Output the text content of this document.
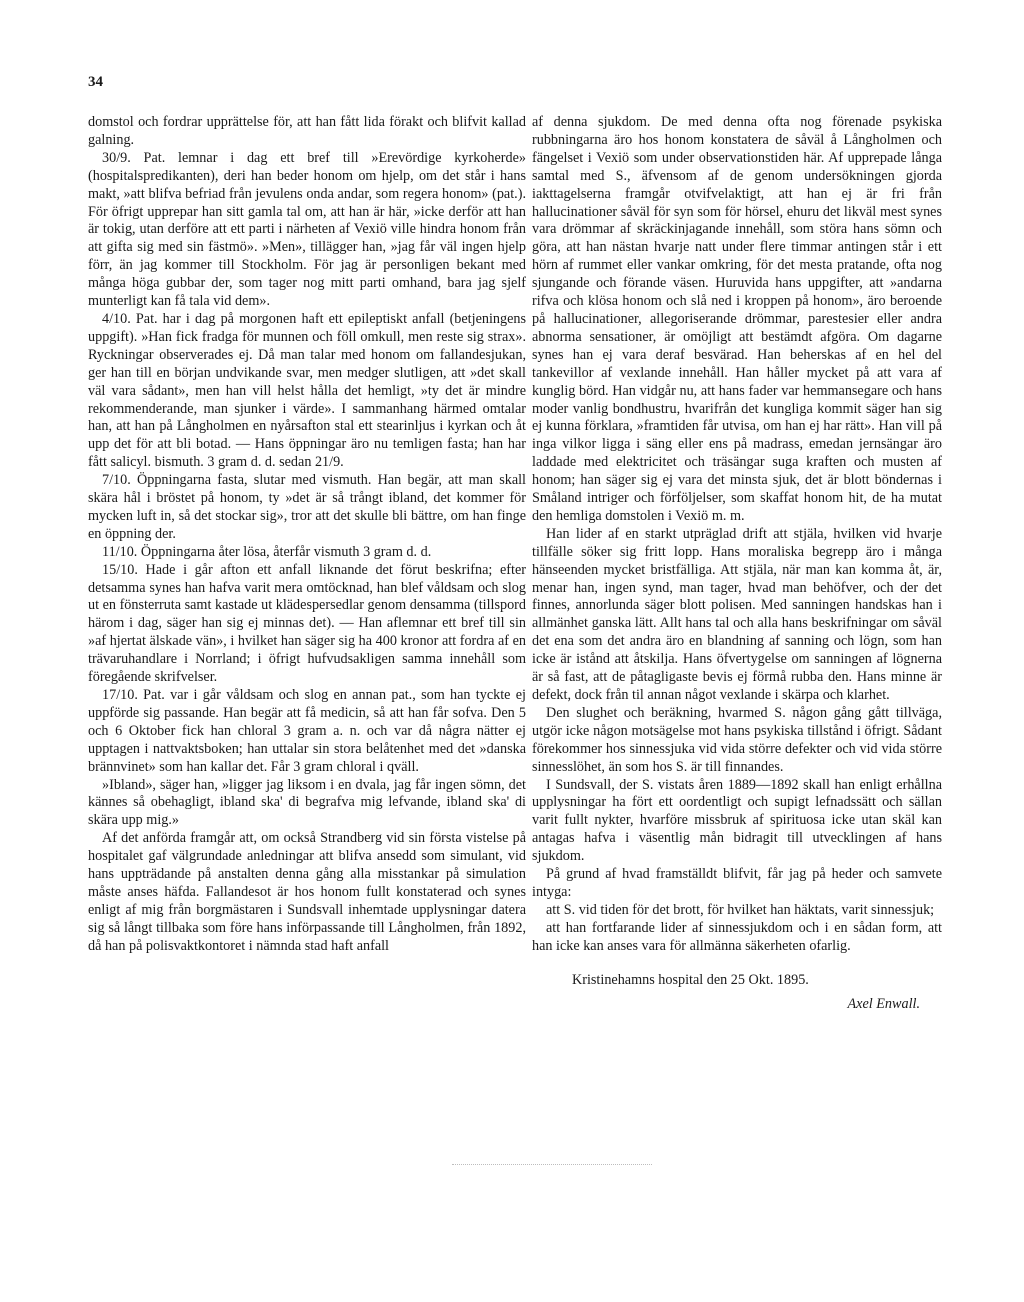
34

domstol och fordrar upprättelse för, att han fått lida förakt och blifvit kallad galning.

30/9. Pat. lemnar i dag ett bref till »Erevördige kyrkoherde» (hospitalspredikanten), deri han beder honom om hjelp, om det står i hans makt, »att blifva befriad från jevulens onda andar, som regera honom» (pat.). För öfrigt upprepar han sitt gamla tal om, att han är här, »icke derför att han är tokig, utan derföre att ett parti i närheten af Vexiö ville hindra honom från att gifta sig med sin fästmö». »Men», tillägger han, »jag får väl ingen hjelp förr, än jag kommer till Stockholm. För jag är personligen bekant med många höga gubbar der, som tager nog mitt parti omhand, bara jag sjelf munterligt kan få tala vid dem».

4/10. Pat. har i dag på morgonen haft ett epileptiskt anfall (betjeningens uppgift). »Han fick fradga för munnen och föll omkull, men reste sig strax». Ryckningar observerades ej. Då man talar med honom om fallandesjukan, ger han till en början undvikande svar, men medger slutligen, att »det skall väl vara sådant», men han vill helst hålla det hemligt, »ty det är mindre rekommenderande, man sjunker i värde». I sammanhang härmed omtalar han, att han på Långholmen en nyårsafton stal ett stearinljus i kyrkan och åt upp det för att bli botad. — Hans öppningar äro nu temligen fasta; han har fått salicyl. bismuth. 3 gram d. d. sedan 21/9.

7/10. Öppningarna fasta, slutar med vismuth. Han begär, att man skall skära hål i bröstet på honom, ty »det är så trångt ibland, det kommer för mycken luft in, så det stockar sig», tror att det skulle bli bättre, om han finge en öppning der.

11/10. Öppningarna åter lösa, återfår vismuth 3 gram d. d.

15/10. Hade i går afton ett anfall liknande det förut beskrifna; efter detsamma synes han hafva varit mera omtöcknad, han blef våldsam och slog ut en fönsterruta samt kastade ut klädespersedlar genom densamma (tillspord härom i dag, säger han sig ej minnas det). — Han aflemnar ett bref till sin »af hjertat älskade vän», i hvilket han säger sig ha 400 kronor att fordra af en trävaruhandlare i Norrland; i öfrigt hufvudsakligen samma innehåll som föregående skrifvelser.

17/10. Pat. var i går våldsam och slog en annan pat., som han tyckte ej uppförde sig passande. Han begär att få medicin, så att han får sofva. Den 5 och 6 Oktober fick han chloral 3 gram a. n. och var då några nätter ej upptagen i nattvaktsboken; han uttalar sin stora belåtenhet med det »danska brännvinet» som han kallar det. Får 3 gram chloral i qväll.

»Ibland», säger han, »ligger jag liksom i en dvala, jag får ingen sömn, det kännes så obehagligt, ibland ska' di begrafva mig lefvande, ibland ska' di skära upp mig.»

Af det anförda framgår att, om också Strandberg vid sin första vistelse på hospitalet gaf välgrundade anledningar att blifva ansedd som simulant, vid hans uppträdande på anstalten denna gång alla misstankar på simulation måste anses häfda. Fallandesot är hos honom fullt konstaterad och synes enligt af mig från borgmästaren i Sundsvall inhemtade upplysningar datera sig så långt tillbaka som före hans införpassande till Långholmen, från 1892, då han på polisvaktkontoret i nämnda stad haft anfall

af denna sjukdom. De med denna ofta nog förenade psykiska rubbningarna äro hos honom konstatera de såväl å Långholmen och fängelset i Vexiö som under observationstiden här. Af upprepade långa samtal med S., äfvensom af de genom undersökningen gjorda iakttagelserna framgår otvifvelaktigt, att han ej är fri från hallucinationer såväl för syn som för hörsel, ehuru det likväl mest synes vara drömmar af skräckinjagande innehåll, som störa hans sömn och göra, att han nästan hvarje natt under flere timmar antingen står i ett hörn af rummet eller vankar omkring, för det mesta pratande, ofta nog sjungande och förande väsen. Huruvida hans uppgifter, att »andarna rifva och klösa honom och slå ned i kroppen på honom», äro beroende på hallucinationer, allegoriserande drömmar, parestesier eller andra abnorma sensationer, är omöjligt att bestämdt afgöra. Om dagarne synes han ej vara deraf besvärad. Han beherskas af en hel del tankevillor af vexlande innehåll. Han håller mycket på att vara af kunglig börd. Han vidgår nu, att hans fader var hemmansegare och hans moder vanlig bondhustru, hvarifrån det kungliga kommit säger han sig ej kunna förklara, »framtiden får utvisa, om han ej har rätt». Han vill på inga vilkor ligga i säng eller ens på madrass, emedan jernsängar äro laddade med elektricitet och träsängar suga kraften och musten af honom; han säger sig ej vara det minsta sjuk, det är blott böndernas i Småland intriger och förföljelser, som skaffat honom hit, de ha mutat den hemliga domstolen i Vexiö m. m.

Han lider af en starkt utpräglad drift att stjäla, hvilken vid hvarje tillfälle söker sig fritt lopp. Hans moraliska begrepp äro i många hänseenden mycket bristfälliga. Att stjäla, när man kan komma åt, är, menar han, ingen synd, man tager, hvad man behöfver, och der det finnes, annorlunda säger blott polisen. Med sanningen handskas han i allmänhet ganska lätt. Allt hans tal och alla hans beskrifningar om såväl det ena som det andra äro en blandning af sanning och lögn, som han icke är istånd att åtskilja. Hans öfvertygelse om sanningen af lögnerna är så fast, att de påtagligaste bevis ej förmå rubba den. Hans minne är defekt, dock från til annan något vexlande i skärpa och klarhet.

Den slughet och beräkning, hvarmed S. någon gång gått tillväga, utgör icke någon motsägelse mot hans psykiska tillstånd i öfrigt. Sådant förekommer hos sinnessjuka vid vida större defekter och vid vida större sinnesslöhet, än som hos S. är till finnandes.

I Sundsvall, der S. vistats åren 1889—1892 skall han enligt erhållna upplysningar ha fört ett oordentligt och supigt lefnadssätt och sällan varit fullt nykter, hvarföre missbruk af spirituosa icke utan skäl kan antagas hafva i väsentlig mån bidragit till utvecklingen af hans sjukdom.

På grund af hvad framställdt blifvit, får jag på heder och samvete intyga:

att S. vid tiden för det brott, för hvilket han häktats, varit sinnessjuk;

att han fortfarande lider af sinnessjukdom och i en sådan form, att han icke kan anses vara för allmänna säkerheten ofarlig.

Kristinehamns hospital den 25 Okt. 1895.

Axel Enwall.
